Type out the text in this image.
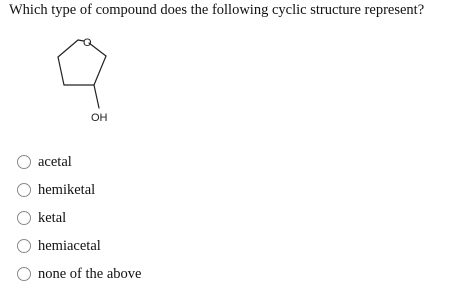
Which type of compound does the following cyclic structure represent?
O
OH
acetal
hemiketal
ketal
hemiacetal
none of the above
